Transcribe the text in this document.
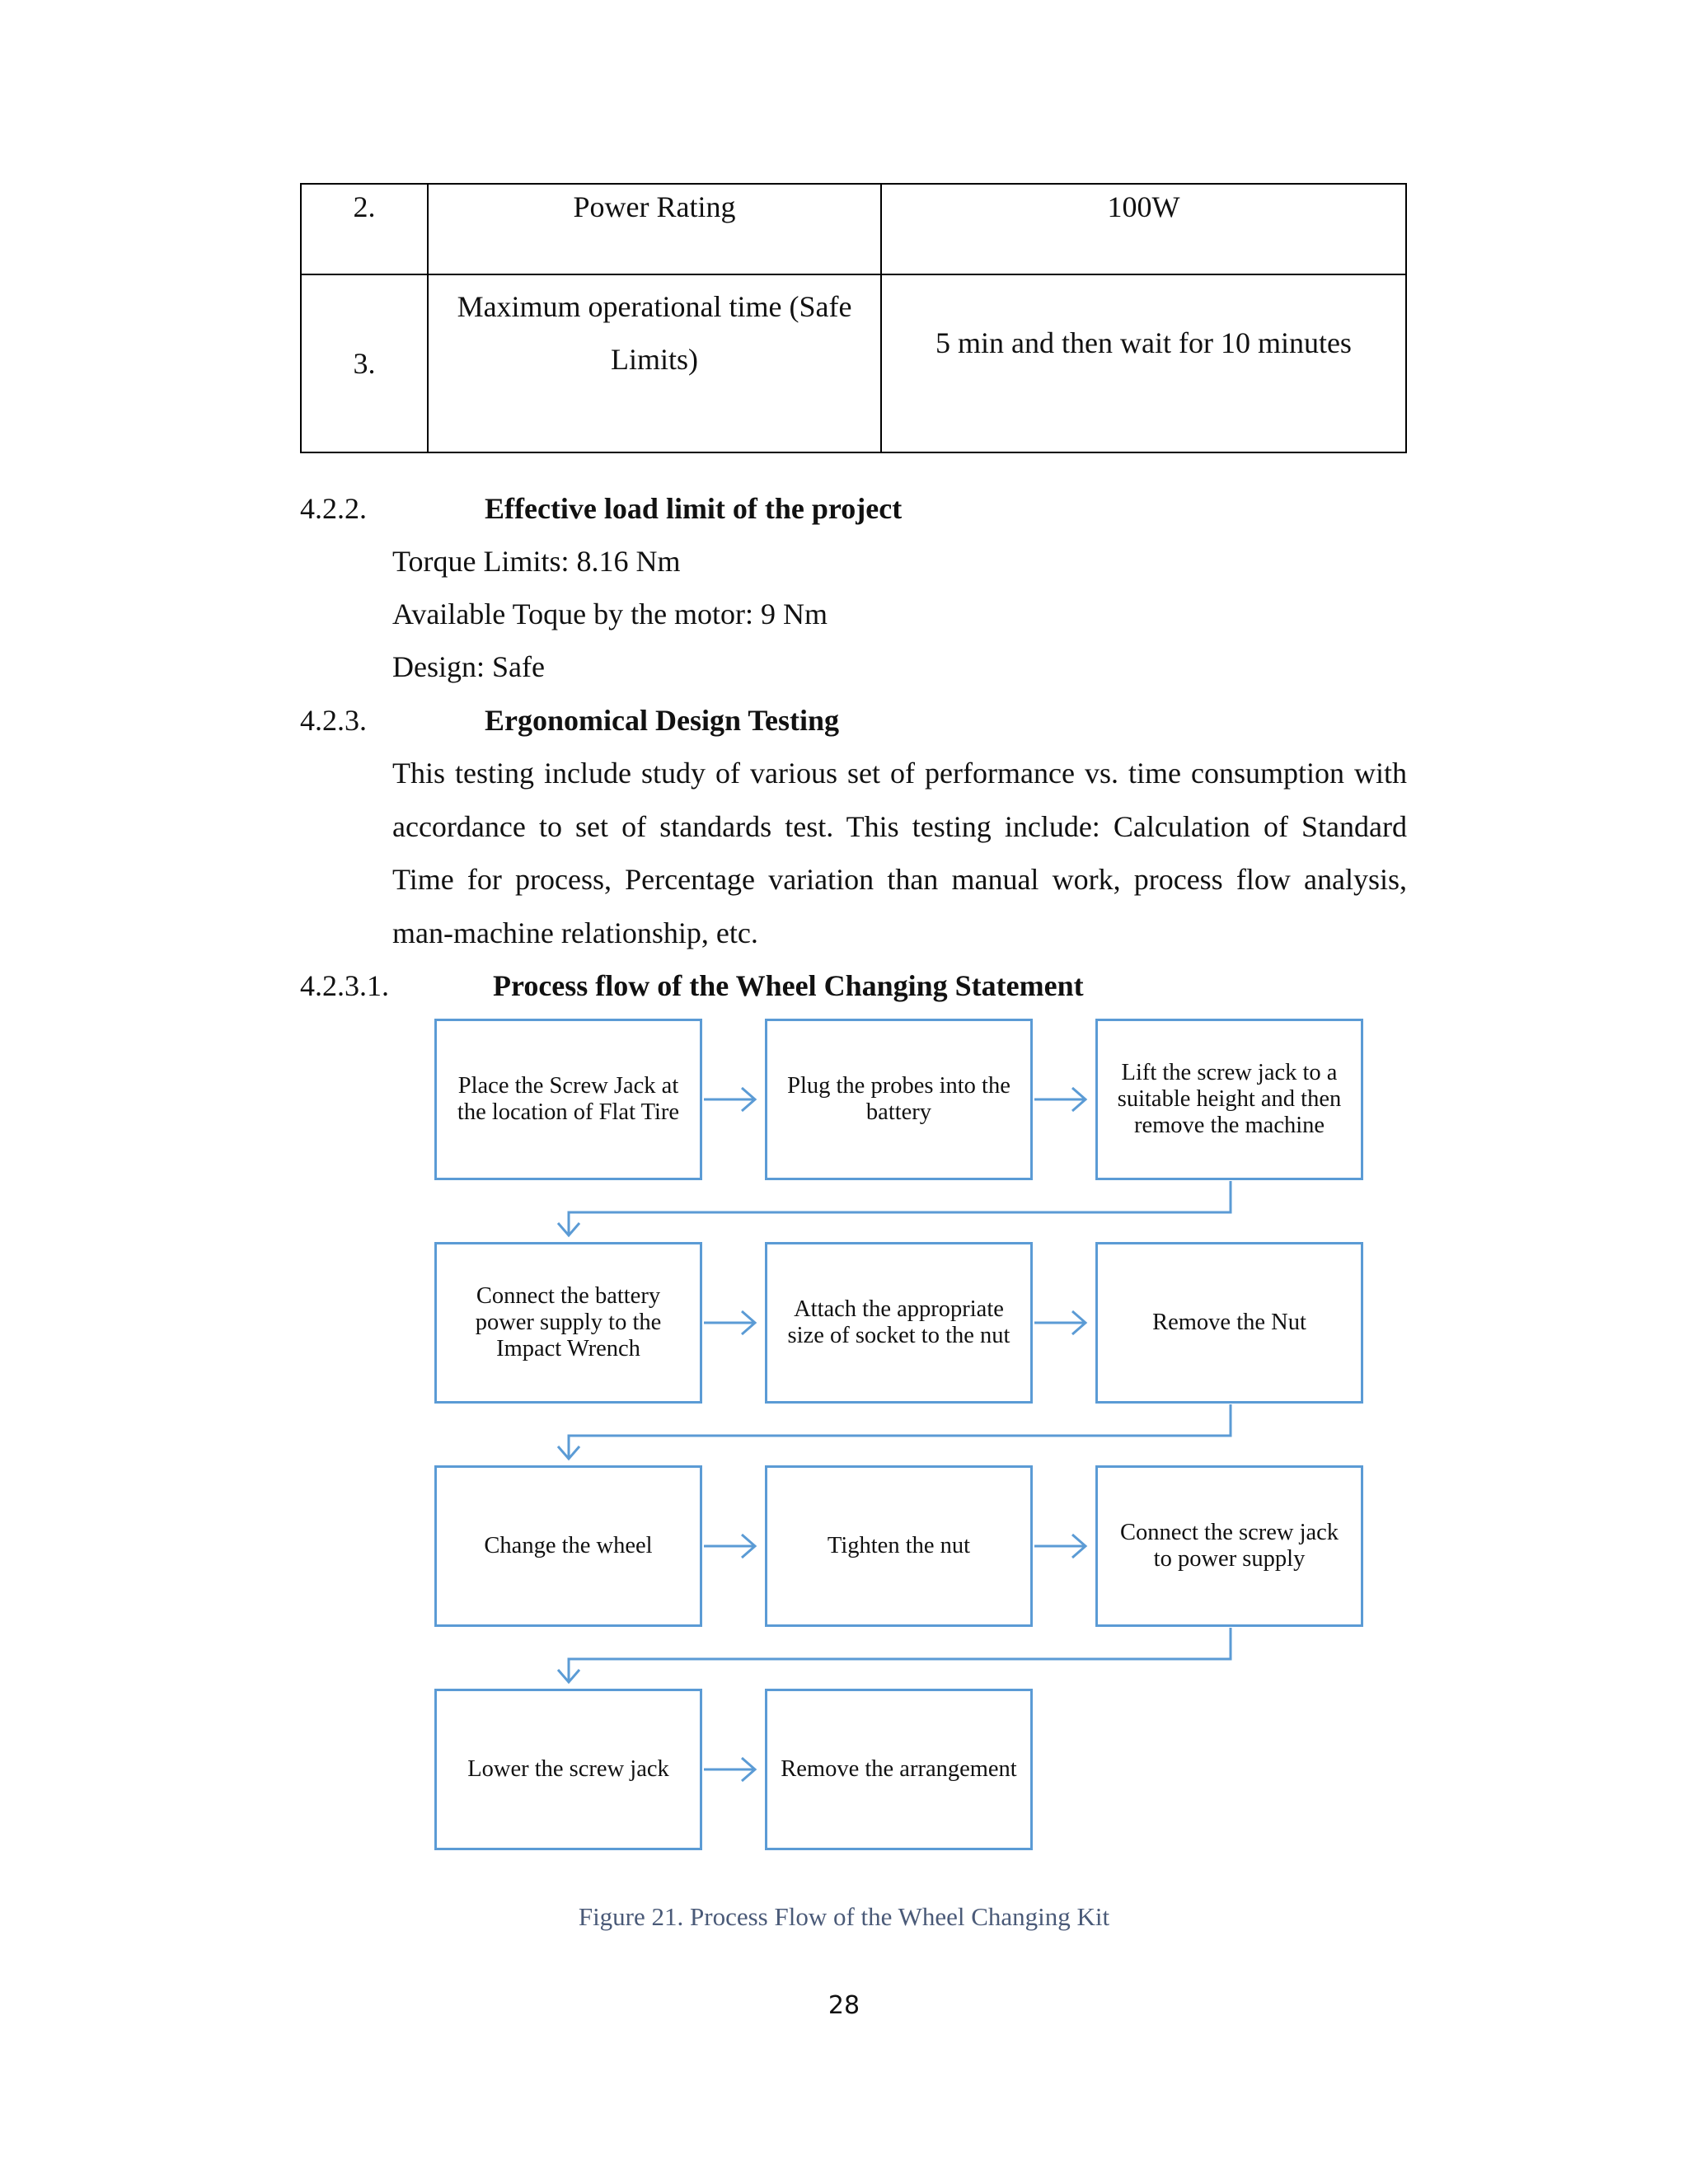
2.	Power Rating	100W
3.	Maximum operational time (Safe Limits)	5 min and then wait for 10 minutes
4.2.2.	Effective load limit of the project
Torque Limits: 8.16 Nm
Available Toque by the motor: 9 Nm
Design: Safe
4.2.3.	Ergonomical Design Testing

This testing include study of various set of performance vs. time consumption with accordance to set of standards test. This testing include: Calculation of Standard Time for process, Percentage variation than manual work, process flow analysis, man-machine relationship, etc.

4.2.3.1.	Process flow of the Wheel Changing Statement
Place the Screw Jack at the location of Flat Tire
Plug the probes into the battery
Lift the screw jack to a suitable height and then remove the machine
Connect the battery power supply to the Impact Wrench
Attach the appropriate size of socket to the nut
Remove the Nut
Change the wheel	Tighten the nut
Connect the screw jack to power supply
Lower the screw jack	Remove the arrangement
Figure 21. Process Flow of the Wheel Changing Kit
28
